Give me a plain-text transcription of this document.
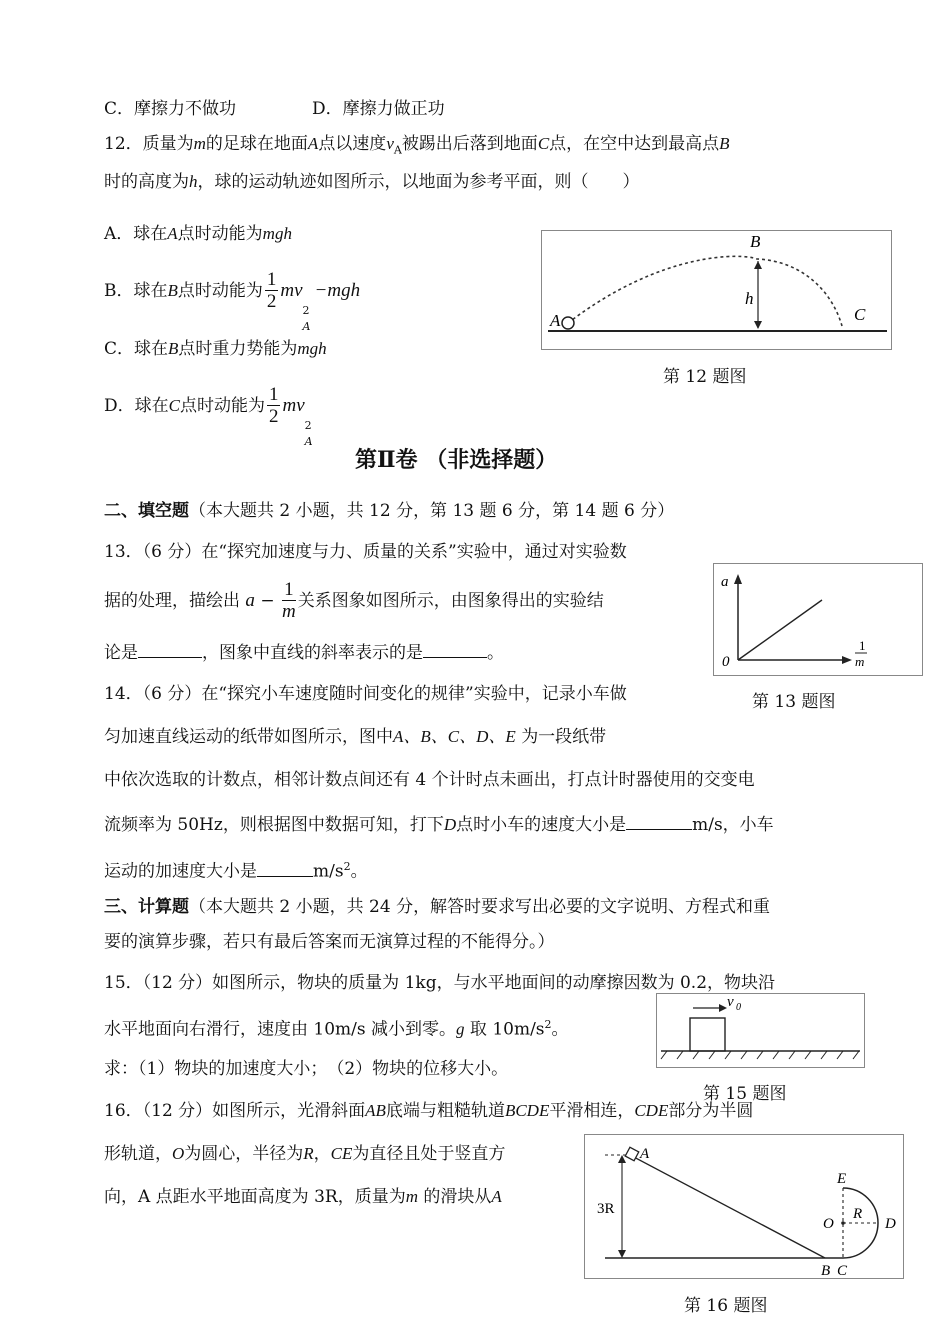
C．摩擦力不做功	D．摩擦力做正功
12．质量为m的足球在地面A点以速度$v_A$被踢出后落到地面C点，在空中达到最高点B
时的高度为h，球的运动轨迹如图所示，以地面为参考平面，则（　　）
A．球在A点时动能为mgh
B．球在B点时动能为 $\frac{1}{2}$ mv
2
A
−mgh
C．球在B点时重力势能为mgh
D．球在C点时动能为 $\frac{1}{2}$ mv
2
A
A
B
C
h
第 12 题图
第Ⅱ卷 （非选择题）
二、填空题（本大题共 2 小题，共 12 分，第 13 题 6 分，第 14 题 6 分）
13．（6 分）在“探究加速度与力、质量的关系”实验中，通过对实验数
据的处理，描绘出 $a - \frac{1}{m}$ 关系图象如图所示，由图象得出的实验结
论是	，图象中直线的斜率表示的是	。
a
0
1
m
第 13 题图
14．（6 分）在“探究小车速度随时间变化的规律”实验中，记录小车做
匀加速直线运动的纸带如图所示，图中A、B、C、D、E 为一段纸带
中依次选取的计数点，相邻计数点间还有 4 个计时点未画出，打点计时器使用的交变电
流频率为 50Hz，则根据图中数据可知，打下D点时小车的速度大小是	m/s，小车
运动的加速度大小是	$m/s^2$。
三、计算题（本大题共 2 小题，共 24 分，解答时要求写出必要的文字说明、方程式和重
要的演算步骤，若只有最后答案而无演算过程的不能得分。）
15．（12 分）如图所示，物块的质量为 1kg，与水平地面间的动摩擦因数为 0.2，物块沿
水平地面向右滑行，速度由 10m/s 减小到零。g 取 $10m/s^2$。
求：（1）物块的加速度大小；　（2）物块的位移大小。
v 0
第 15 题图
16．（12 分）如图所示，光滑斜面AB底端与粗糙轨道BCDE平滑相连，CDE部分为半圆
形轨道，O为圆心，半径为R，CE为直径且处于竖直方
向，A 点距水平地面高度为 3R，质量为m 的滑块从A
A
3R
E
O
R
D
B C
第 16 题图
